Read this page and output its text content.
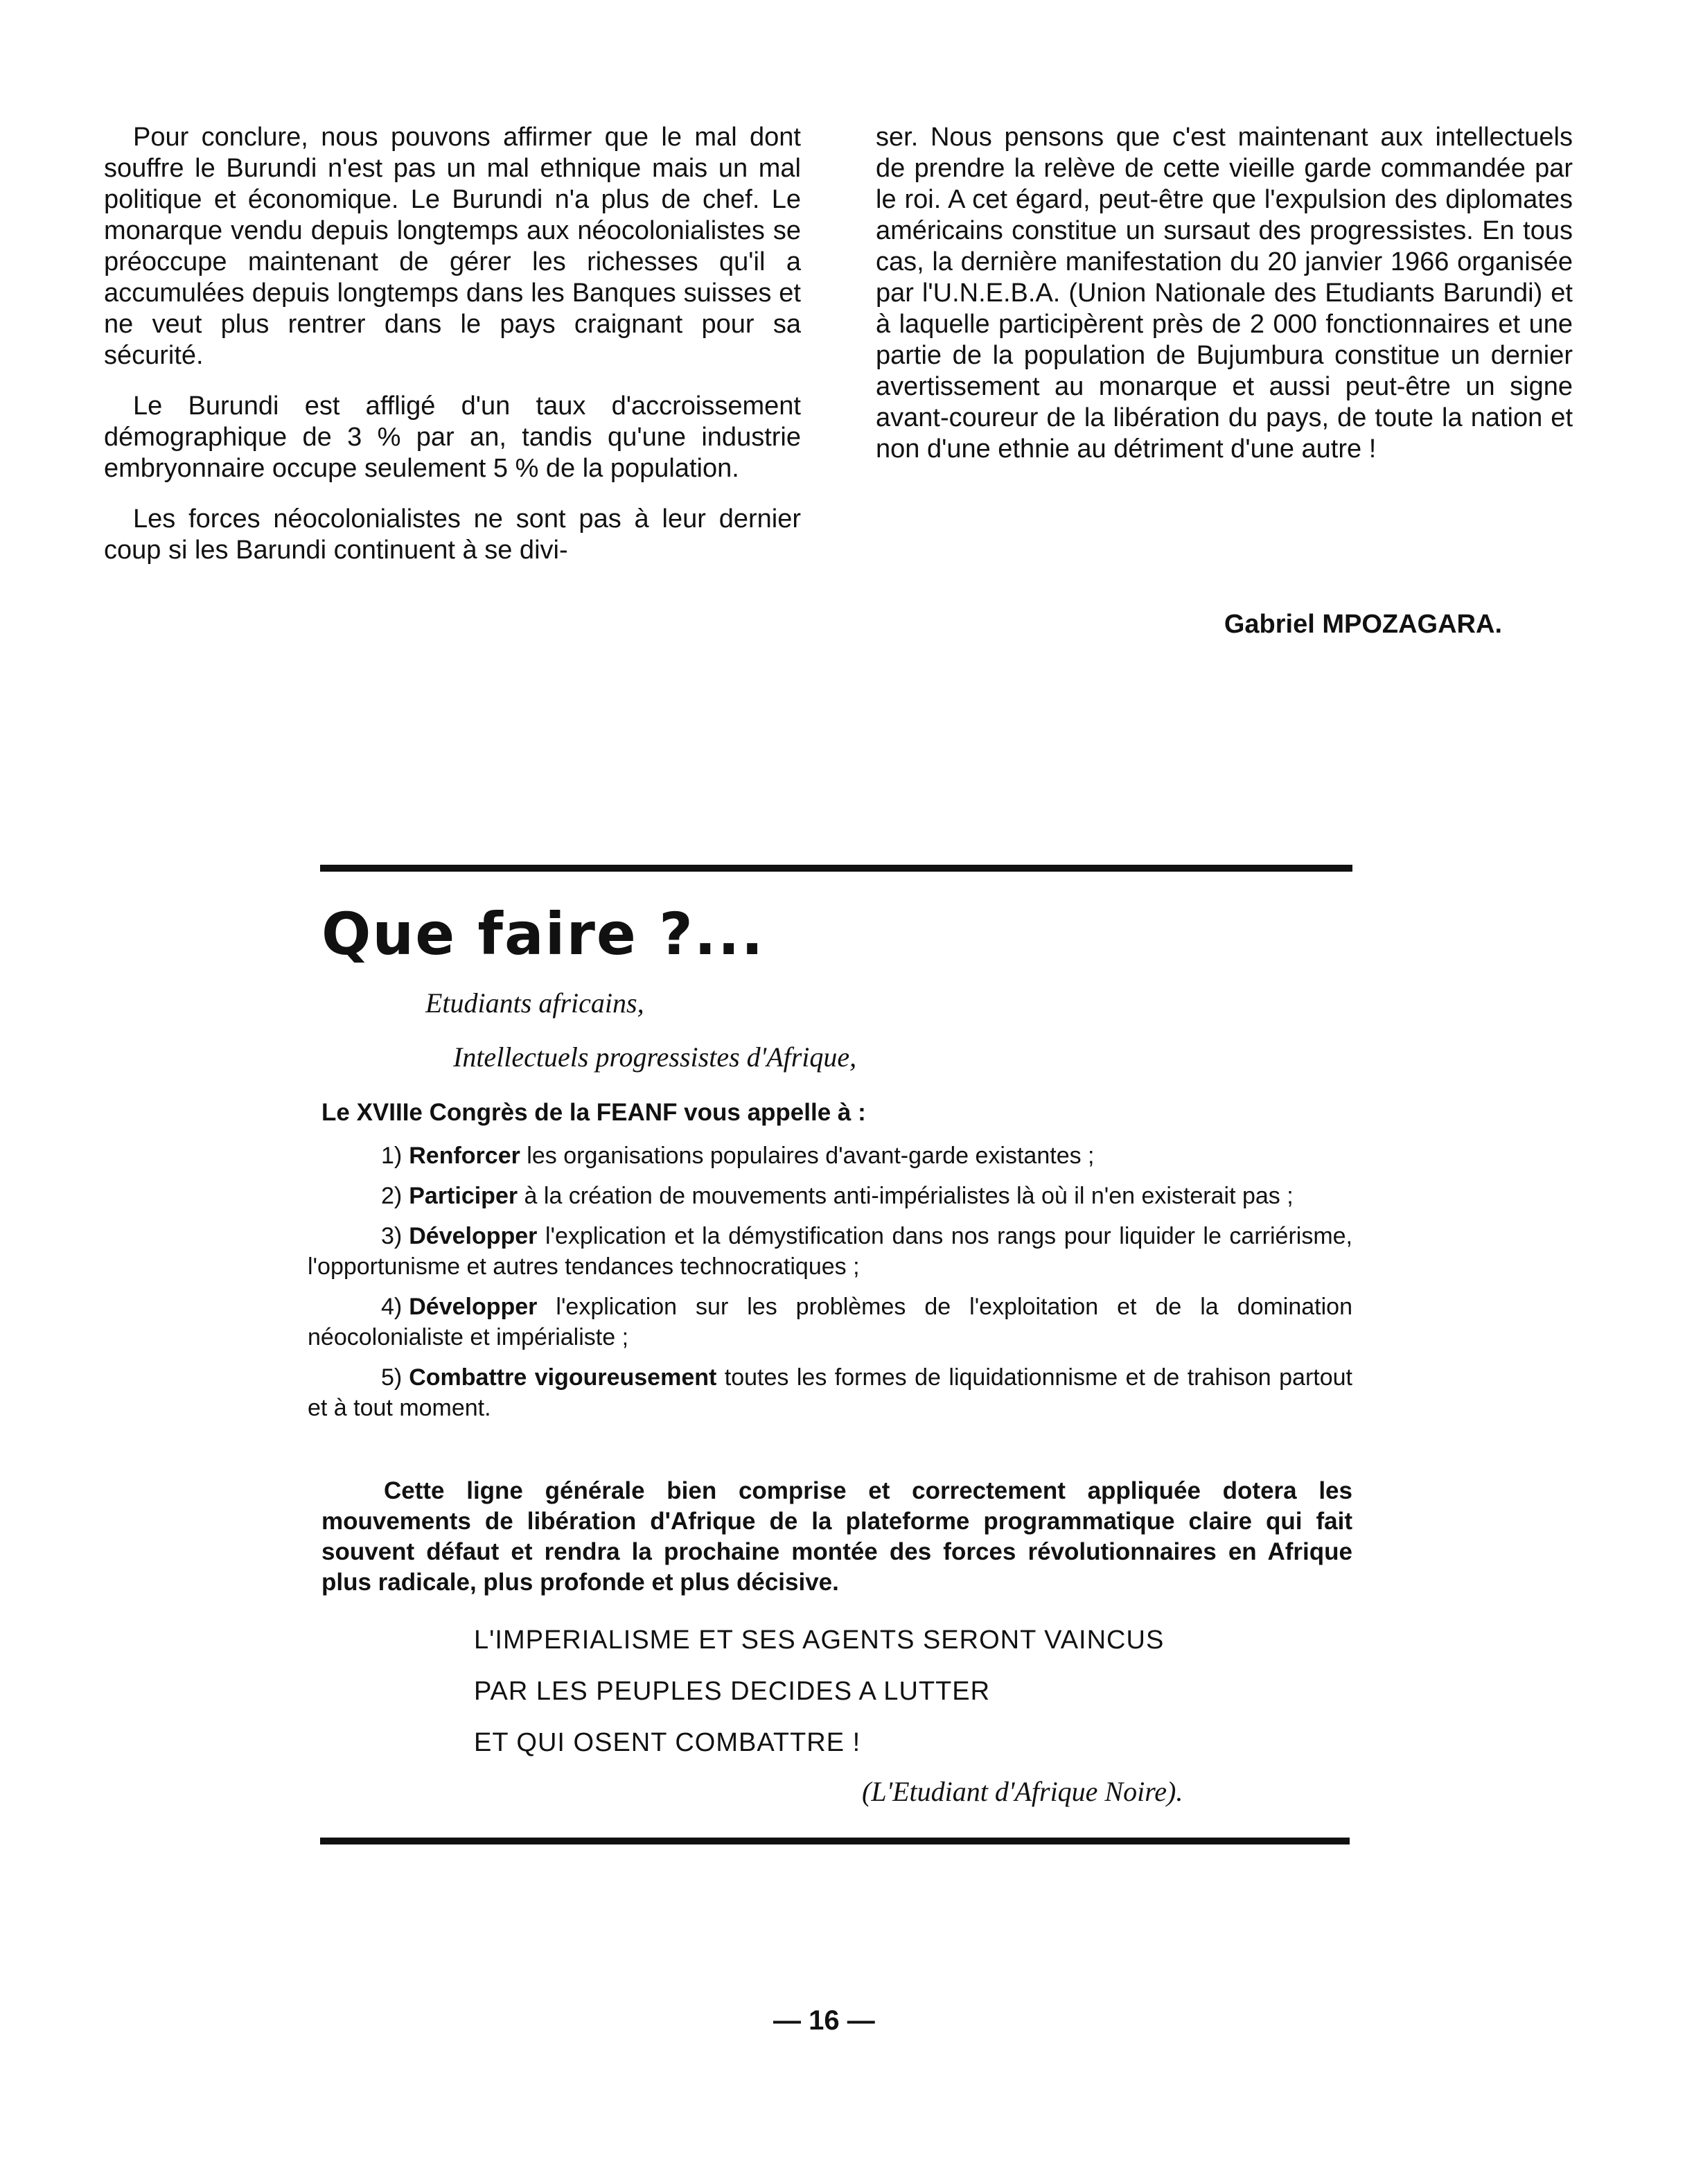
Pour conclure, nous pouvons affirmer que le mal dont souffre le Burundi n'est pas un mal ethnique mais un mal politique et économique. Le Burundi n'a plus de chef. Le monarque vendu depuis longtemps aux néocolonialistes se préoccupe maintenant de gérer les richesses qu'il a accumulées depuis longtemps dans les Banques suisses et ne veut plus rentrer dans le pays craignant pour sa sécurité.

Le Burundi est affligé d'un taux d'accroissement démographique de 3 % par an, tandis qu'une industrie embryonnaire occupe seulement 5 % de la population.

Les forces néocolonialistes ne sont pas à leur dernier coup si les Barundi continuent à se divi-

ser. Nous pensons que c'est maintenant aux intellectuels de prendre la relève de cette vieille garde commandée par le roi. A cet égard, peut-être que l'expulsion des diplomates américains constitue un sursaut des progressistes. En tous cas, la dernière manifestation du 20 janvier 1966 organisée par l'U.N.E.B.A. (Union Nationale des Etudiants Barundi) et à laquelle participèrent près de 2 000 fonctionnaires et une partie de la population de Bujumbura constitue un dernier avertissement au monarque et aussi peut-être un signe avant-coureur de la libération du pays, de toute la nation et non d'une ethnie au détriment d'une autre !

Gabriel MPOZAGARA.
Que faire ?...
Etudiants africains,
Intellectuels progressistes d'Afrique,
Le XVIIIe Congrès de la FEANF vous appelle à :
1) Renforcer les organisations populaires d'avant-garde existantes ;
2) Participer à la création de mouvements anti-impérialistes là où il n'en existerait pas ;
3) Développer l'explication et la démystification dans nos rangs pour liquider le carriérisme, l'opportunisme et autres tendances technocratiques ;
4) Développer l'explication sur les problèmes de l'exploitation et de la domination néocolonialiste et impérialiste ;
5) Combattre vigoureusement toutes les formes de liquidationnisme et de trahison partout et à tout moment.

Cette ligne générale bien comprise et correctement appliquée dotera les mouvements de libération d'Afrique de la plateforme programmatique claire qui fait souvent défaut et rendra la prochaine montée des forces révolutionnaires en Afrique plus radicale, plus profonde et plus décisive.

L'IMPERIALISME ET SES AGENTS SERONT VAINCUS
PAR LES PEUPLES DECIDES A LUTTER
ET QUI OSENT COMBATTRE !
(L'Etudiant d'Afrique Noire).
— 16 —
